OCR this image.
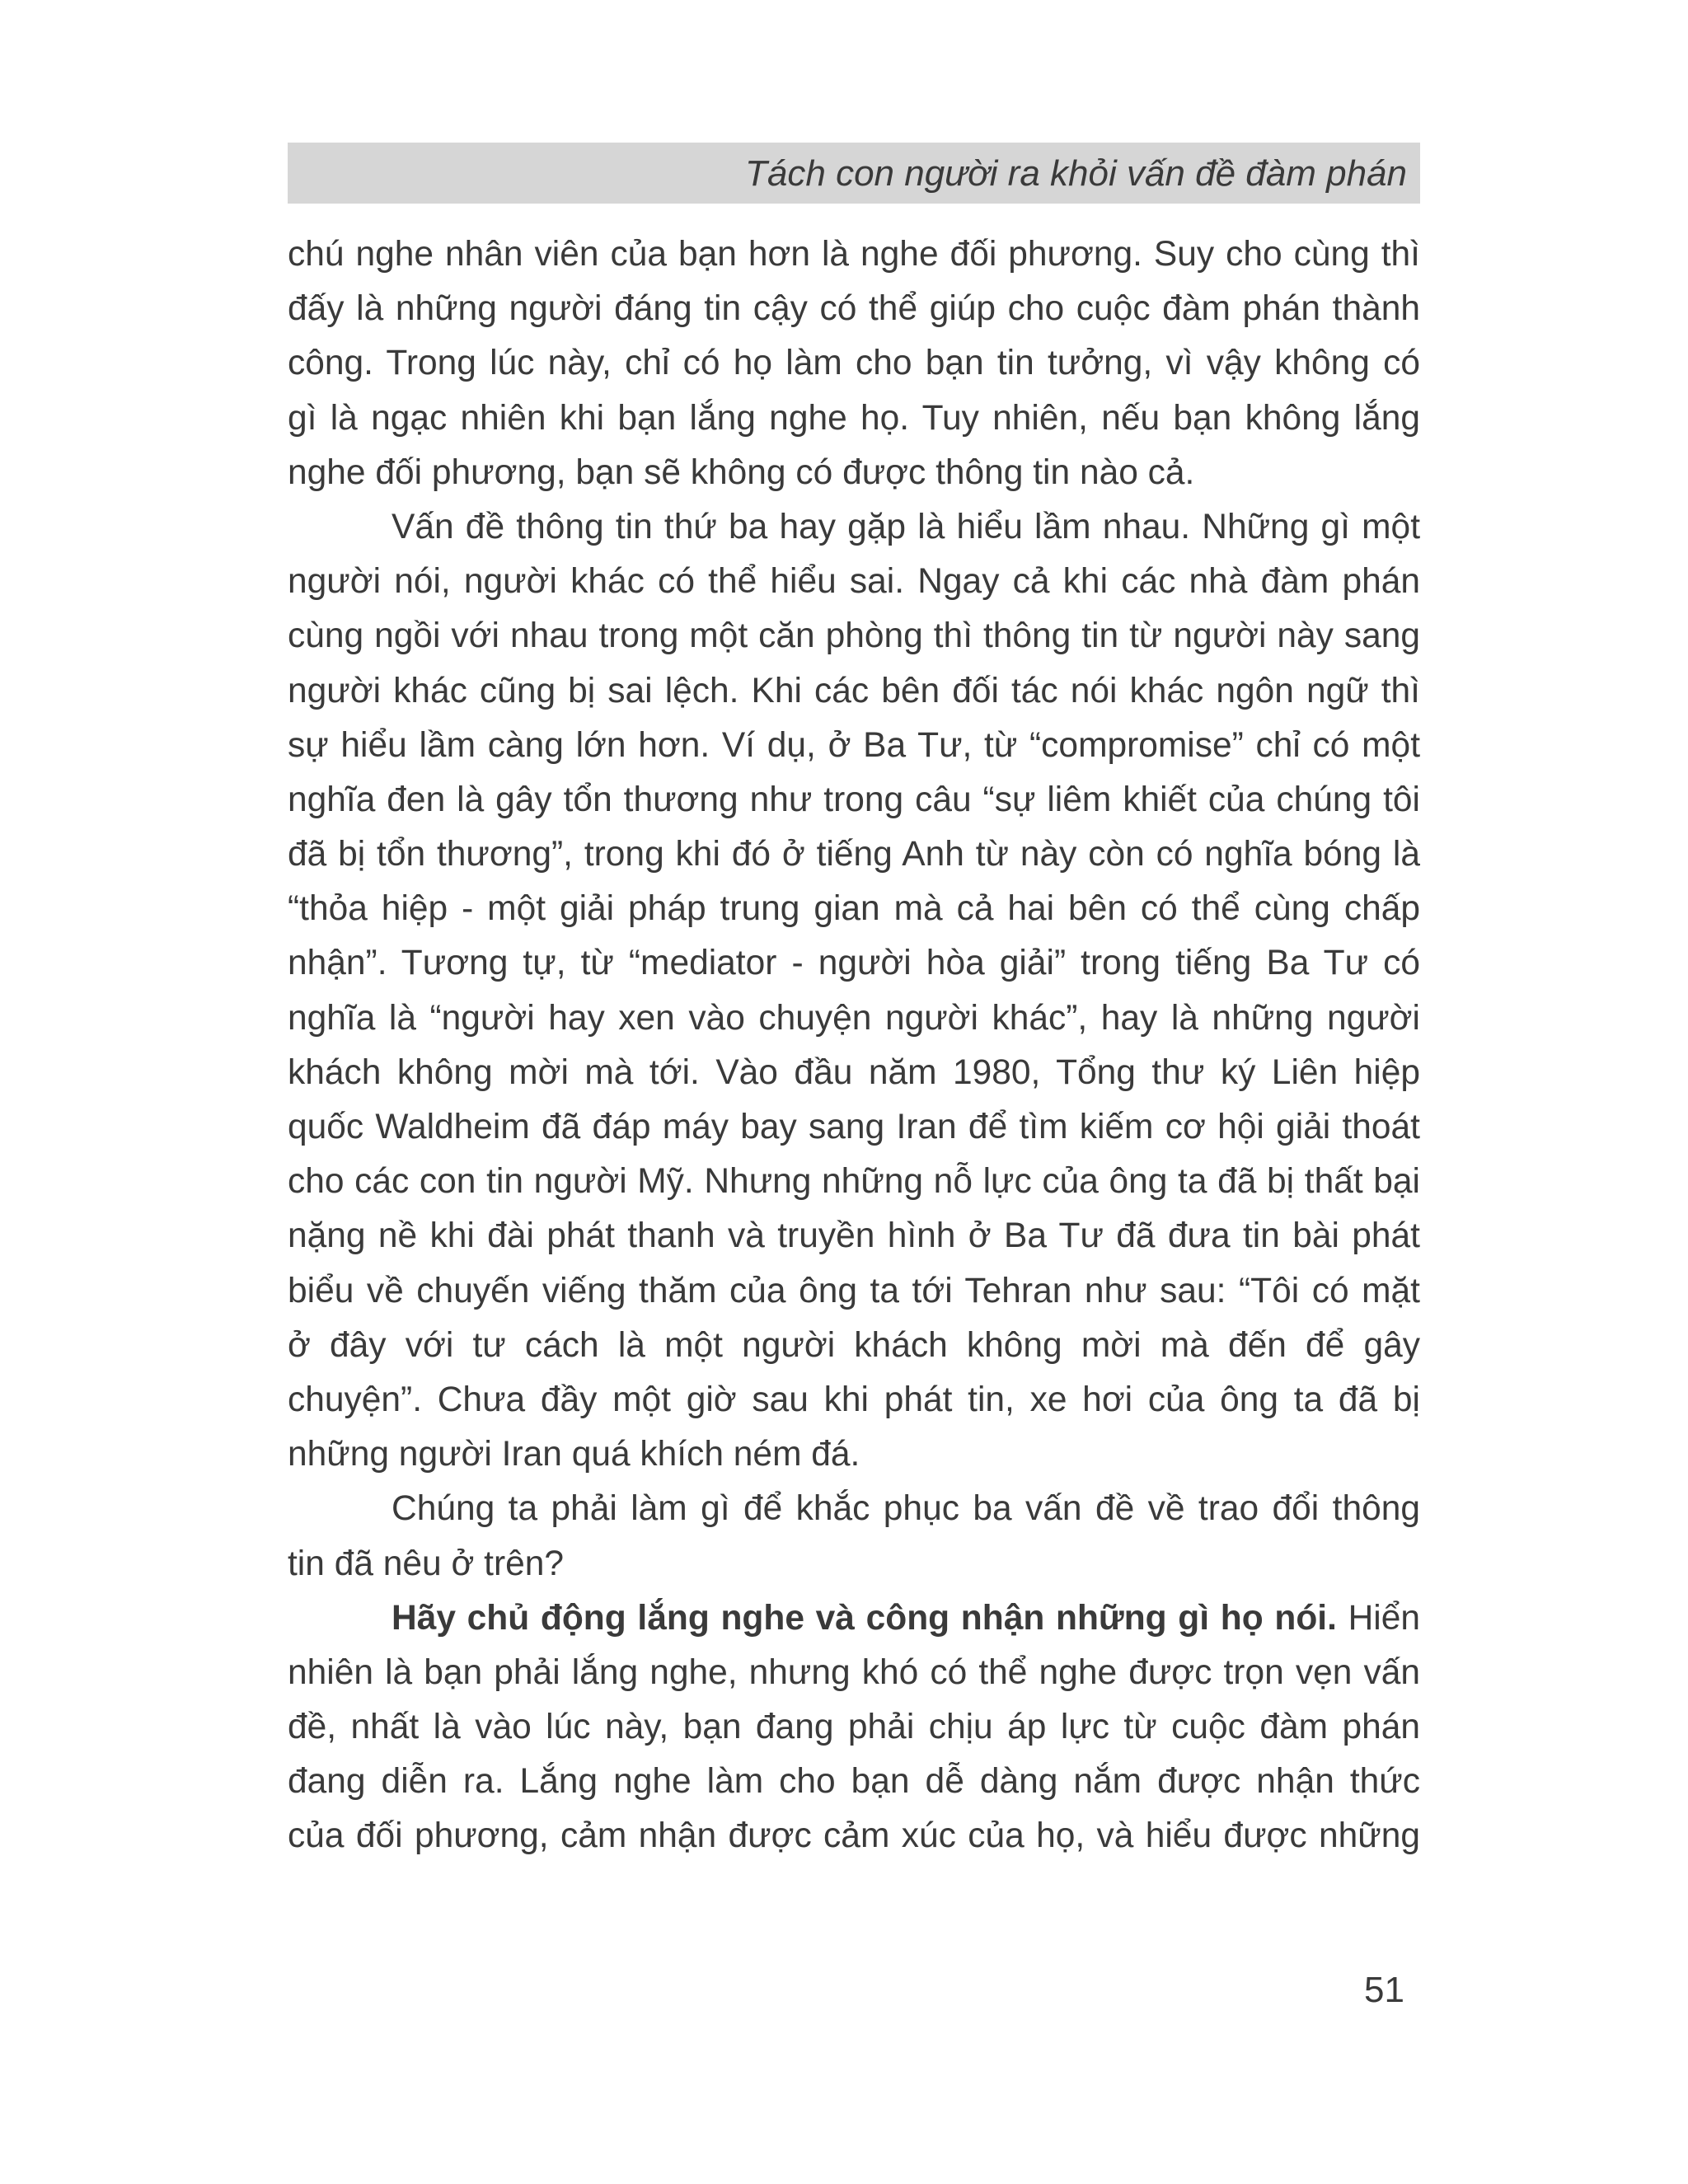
Tách con người ra khỏi vấn đề đàm phán
chú nghe nhân viên của bạn hơn là nghe đối phương. Suy cho cùng thì
đấy là những người đáng tin cậy có thể giúp cho cuộc đàm phán thành
công. Trong lúc này, chỉ có họ làm cho bạn tin tưởng, vì vậy không có
gì là ngạc nhiên khi bạn lắng nghe họ. Tuy nhiên, nếu bạn không lắng
nghe đối phương, bạn sẽ không có được thông tin nào cả.
Vấn đề thông tin thứ ba hay gặp là hiểu lầm nhau. Những gì một
người nói, người khác có thể hiểu sai. Ngay cả khi các nhà đàm phán
cùng ngồi với nhau trong một căn phòng thì thông tin từ người này sang
người khác cũng bị sai lệch. Khi các bên đối tác nói khác ngôn ngữ thì
sự hiểu lầm càng lớn hơn. Ví dụ, ở Ba Tư, từ “compromise” chỉ có một
nghĩa đen là gây tổn thương như trong câu “sự liêm khiết của chúng tôi
đã bị tổn thương”, trong khi đó ở tiếng Anh từ này còn có nghĩa bóng là
“thỏa hiệp - một giải pháp trung gian mà cả hai bên có thể cùng chấp
nhận”. Tương tự, từ “mediator - người hòa giải” trong tiếng Ba Tư có
nghĩa là “người hay xen vào chuyện người khác”, hay là những người
khách không mời mà tới. Vào đầu năm 1980, Tổng thư ký Liên hiệp
quốc Waldheim đã đáp máy bay sang Iran để tìm kiếm cơ hội giải thoát
cho các con tin người Mỹ. Nhưng những nỗ lực của ông ta đã bị thất bại
nặng nề khi đài phát thanh và truyền hình ở Ba Tư đã đưa tin bài phát
biểu về chuyến viếng thăm của ông ta tới Tehran như sau: “Tôi có mặt
ở đây với tư cách là một người khách không mời mà đến để gây
chuyện”. Chưa đầy một giờ sau khi phát tin, xe hơi của ông ta đã bị
những người Iran quá khích ném đá.
Chúng ta phải làm gì để khắc phục ba vấn đề về trao đổi thông
tin đã nêu ở trên?
Hãy chủ động lắng nghe và công nhận những gì họ nói. Hiển
nhiên là bạn phải lắng nghe, nhưng khó có thể nghe được trọn vẹn vấn
đề, nhất là vào lúc này, bạn đang phải chịu áp lực từ cuộc đàm phán
đang diễn ra. Lắng nghe làm cho bạn dễ dàng nắm được nhận thức
của đối phương, cảm nhận được cảm xúc của họ, và hiểu được những
51
